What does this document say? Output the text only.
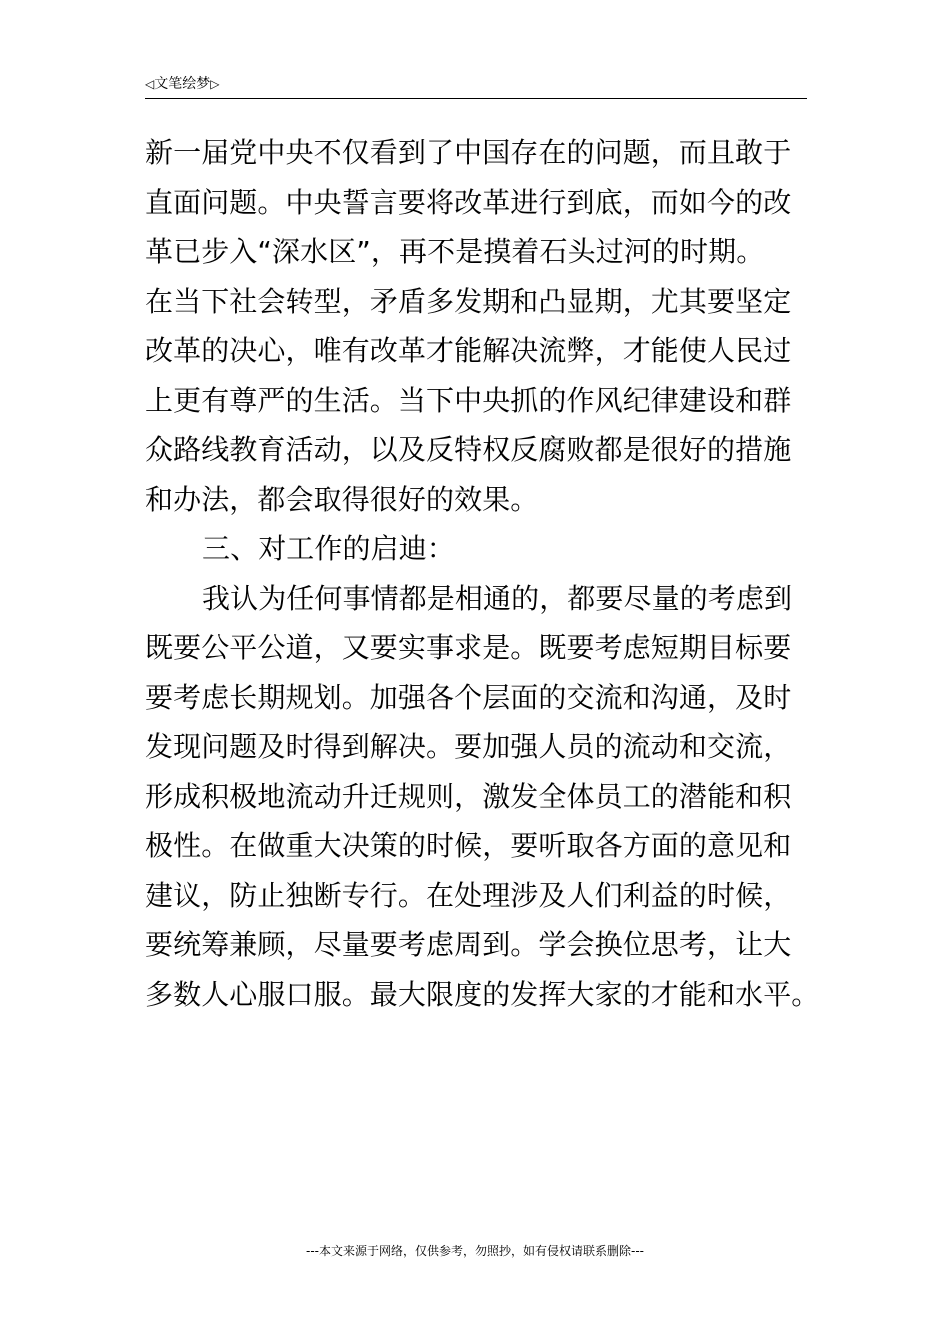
◁文笔绘梦▷
新一届党中央不仅看到了中国存在的问题，而且敢于
直面问题。中央誓言要将改革进行到底，而如今的改
革已步入“深水区”，再不是摸着石头过河的时期。
在当下社会转型，矛盾多发期和凸显期，尤其要坚定
改革的决心，唯有改革才能解决流弊，才能使人民过
上更有尊严的生活。当下中央抓的作风纪律建设和群
众路线教育活动，以及反特权反腐败都是很好的措施
和办法，都会取得很好的效果。
三、对工作的启迪：
我认为任何事情都是相通的，都要尽量的考虑到
既要公平公道，又要实事求是。既要考虑短期目标要
要考虑长期规划。加强各个层面的交流和沟通，及时
发现问题及时得到解决。要加强人员的流动和交流，
形成积极地流动升迁规则，激发全体员工的潜能和积
极性。在做重大决策的时候，要听取各方面的意见和
建议，防止独断专行。在处理涉及人们利益的时候，
要统筹兼顾，尽量要考虑周到。学会换位思考，让大
多数人心服口服。最大限度的发挥大家的才能和水平。
---本文来源于网络，仅供参考，勿照抄，如有侵权请联系删除---
